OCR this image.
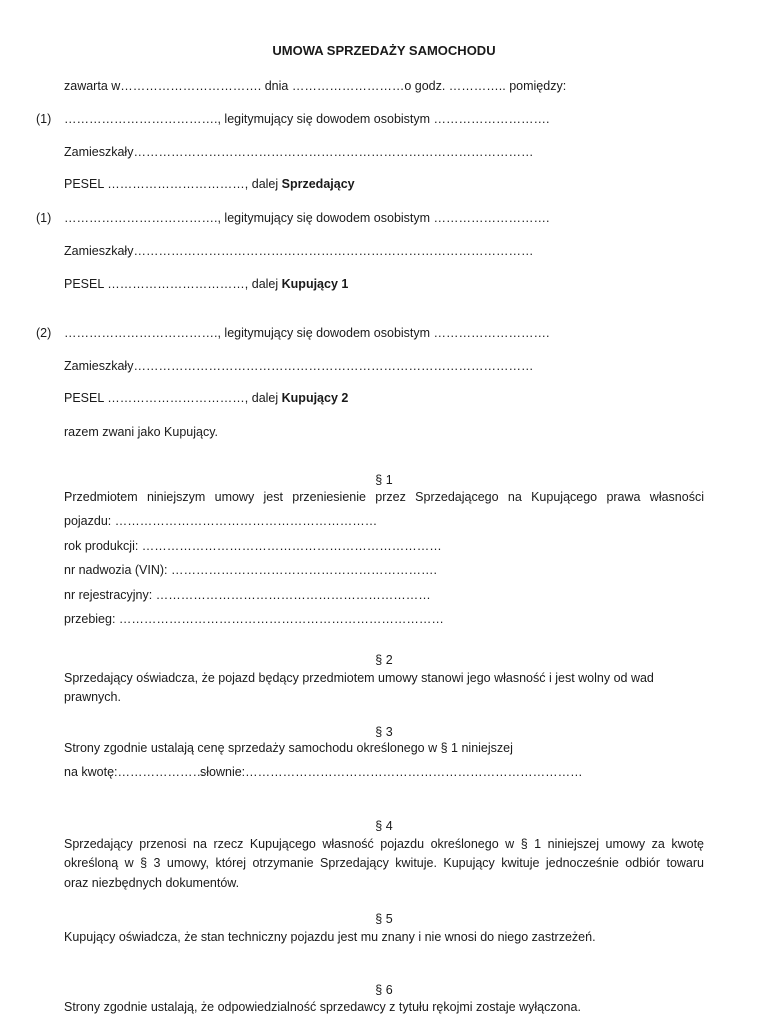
UMOWA SPRZEDAŻY SAMOCHODU
zawarta w……………………………. dnia ………………………o godz. ………….. pomiędzy:
(1) ………………………………., legitymujący się dowodem osobistym ……………………….
Zamieszkały……………………………………………………………………………………
PESEL ……………………………, dalej Sprzedający
(1) ………………………………., legitymujący się dowodem osobistym ……………………….
Zamieszkały……………………………………………………………………………………
PESEL ……………………………, dalej Kupujący 1
(2) ………………………………., legitymujący się dowodem osobistym ……………………….
Zamieszkały……………………………………………………………………………………
PESEL ……………………………, dalej Kupujący 2
razem zwani jako Kupujący.
§ 1
Przedmiotem niniejszym umowy jest przeniesienie przez Sprzedającego na Kupującego prawa własności
pojazdu: ………………………………………………………
rok produkcji: ………………………………………………………………
nr nadwozia (VIN): ……………………………………………………….
nr rejestracyjny: …………………………………………………………
przebieg: ……………………………………………………………………
§ 2
Sprzedający oświadcza, że pojazd będący przedmiotem umowy stanowi jego własność i jest wolny od wad
prawnych.
§ 3
Strony zgodnie ustalają cenę sprzedaży samochodu określonego w § 1 niniejszej
na kwotę:…………………
słownie:………………………………………………………………………
§ 4
Sprzedający przenosi na rzecz Kupującego własność pojazdu określonego w § 1 niniejszej umowy za kwotę
określoną w § 3 umowy, której otrzymanie Sprzedający kwituje. Kupujący kwituje jednocześnie odbiór towaru
oraz niezbędnych dokumentów.
§ 5
Kupujący oświadcza, że stan techniczny pojazdu jest mu znany i nie wnosi do niego zastrzeżeń.
§ 6
Strony zgodnie ustalają, że odpowiedzialność sprzedawcy z tytułu rękojmi zostaje wyłączona.
